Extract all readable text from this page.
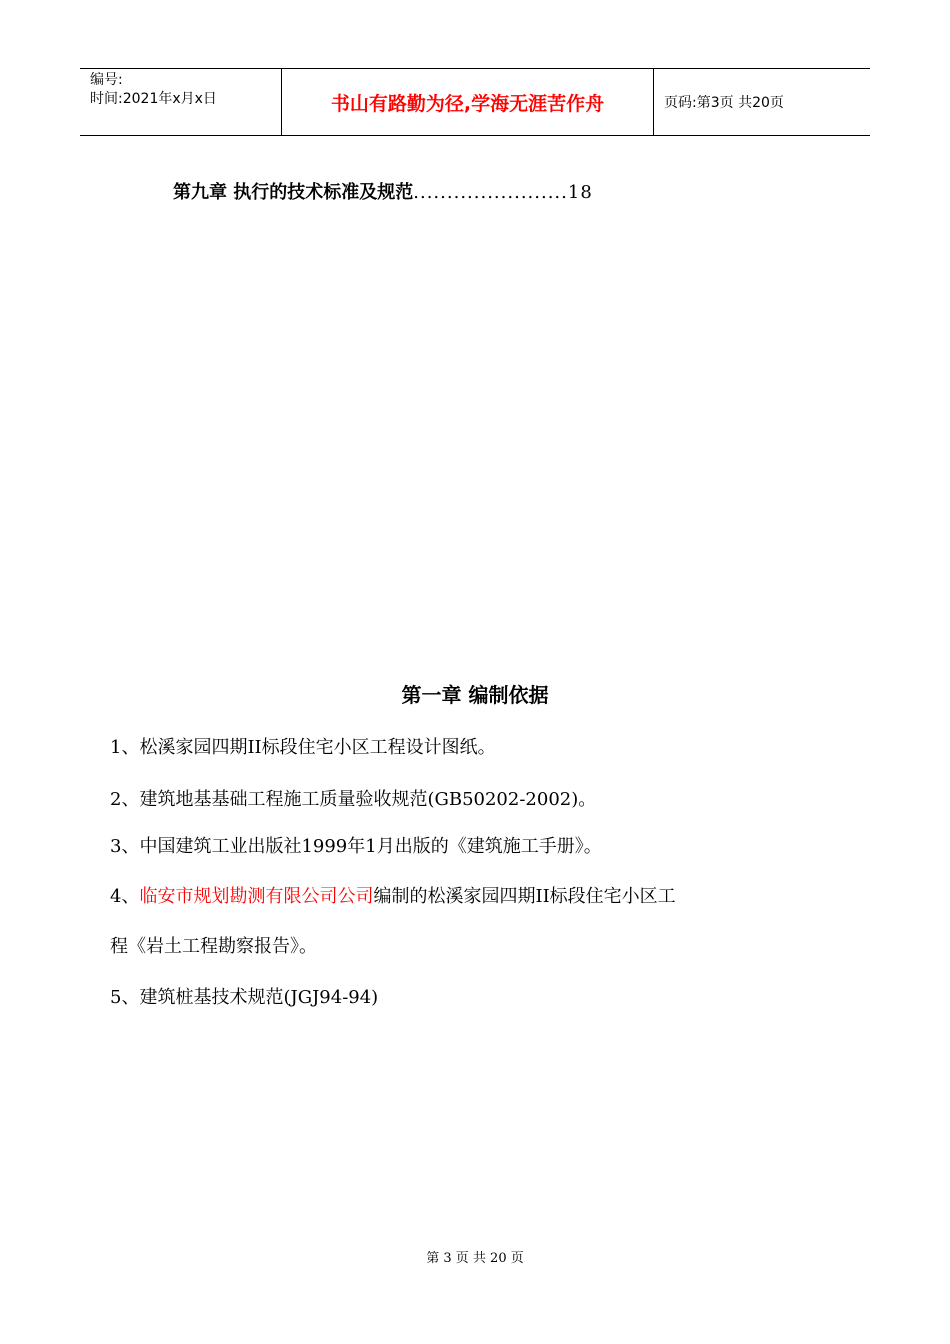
编号:
时间:2021年x月x日	书山有路勤为径,学海无涯苦作舟	页码:第3页 共20页
第九章 执行的技术标准及规范.......................18
第一章 编制依据
1、松溪家园四期II标段住宅小区工程设计图纸。
2、建筑地基基础工程施工质量验收规范(GB50202-2002)。
3、中国建筑工业出版社1999年1月出版的《建筑施工手册》。
4、临安市规划勘测有限公司公司编制的松溪家园四期II标段住宅小区工
程《岩土工程勘察报告》。
5、建筑桩基技术规范(JGJ94-94)
第 3 页 共 20 页
